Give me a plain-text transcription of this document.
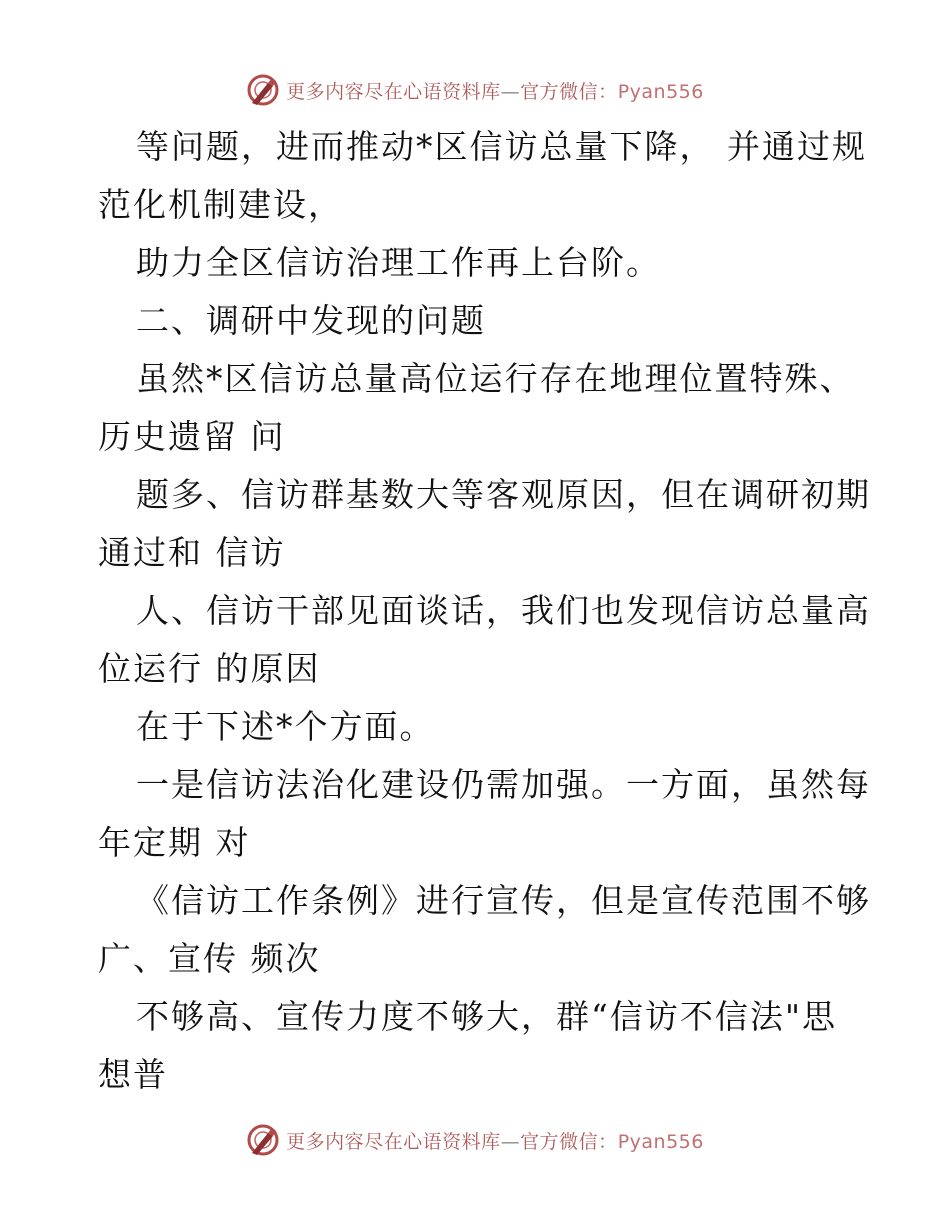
更多内容尽在心语资料库—官方微信：Pyan556
等问题，进而推动*区信访总量下降， 并通过规
范化机制建设，
助力全区信访治理工作再上台阶。
二、调研中发现的问题
虽然*区信访总量高位运行存在地理位置特殊、
历史遗留 问
题多、信访群基数大等客观原因，但在调研初期
通过和 信访
人、信访干部见面谈话，我们也发现信访总量高
位运行 的原因
在于下述*个方面。
一是信访法治化建设仍需加强。一方面，虽然每
年定期 对
《信访工作条例》进行宣传，但是宣传范围不够
广、宣传 频次
不够高、宣传力度不够大，群“信访不信法"思
想普
更多内容尽在心语资料库—官方微信：Pyan556
